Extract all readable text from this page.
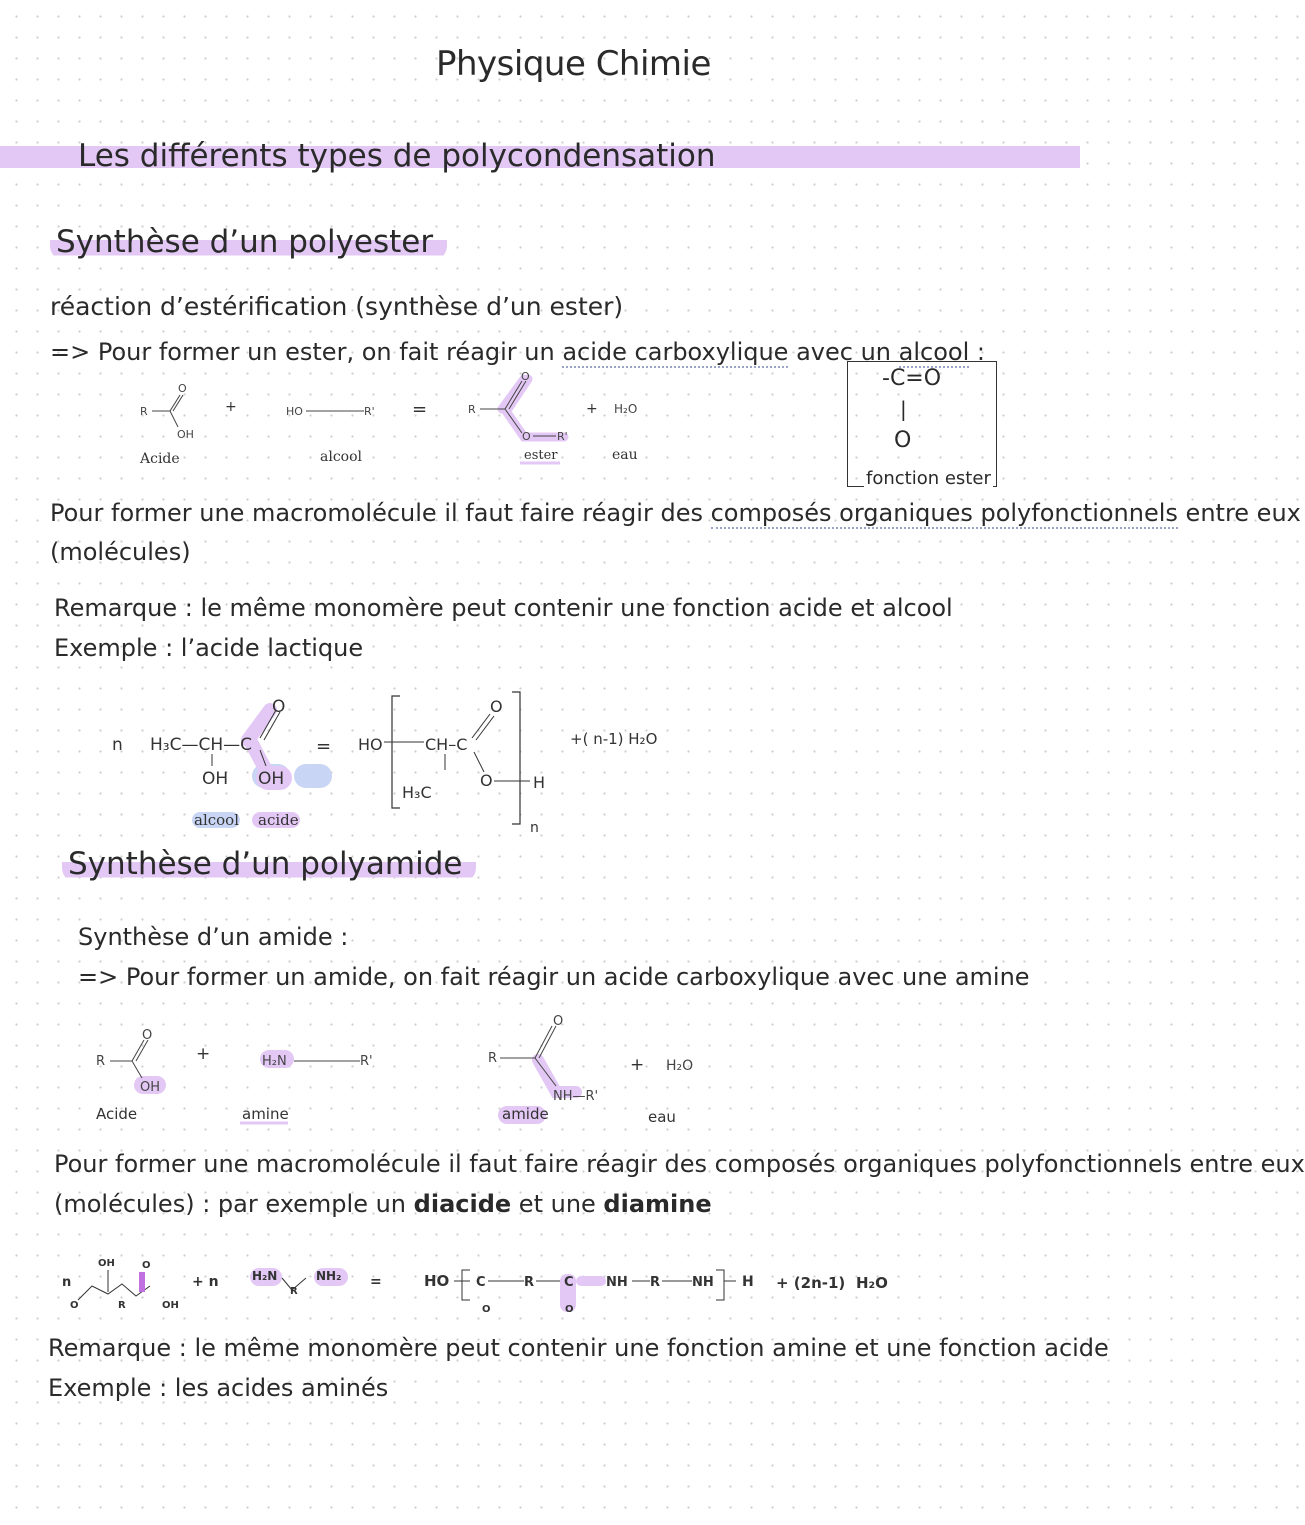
Physique Chimie
Les différents types de polycondensation
Synthèse d’un polyester
réaction d’estérification (synthèse d’un ester)
=> Pour former un ester, on fait réagir un acide carboxylique avec un alcool :
R
O
OH
Acide
+	HO	R'
alcool
=	R
O
O R'
ester
+ H₂O
eau
-C=O
|
O
fonction ester
Pour former une macromolécule il faut faire réagir des composés organiques polyfonctionnels entre eux
(molécules)
Remarque : le même monomère peut contenir une fonction acide et alcool
Exemple : l’acide lactique
n H₃C—CH—C
O
OH OH
alcool acide
= HO	CH–C
H₃C
O
O	H
n
+( n-1) H₂O
Synthèse d’un polyamide
Synthèse d’un amide :
=> Pour former un amide, on fait réagir un acide carboxylique avec une amine
R
O
OH
Acide
+	H₂N	R'
amine
R
O
NH—R'
amide
+ H₂O
eau
Pour former une macromolécule il faut faire réagir des composés organiques polyfonctionnels entre eux
(molécules) : par exemple un diacide et une diamine
n
OH	O
O	R	OH
+ n	H₂N
R
NH₂ =	HO C
O
R C
O
NH R NH H + (2n-1) H₂O
Remarque : le même monomère peut contenir une fonction amine et une fonction acide
Exemple : les acides aminés
